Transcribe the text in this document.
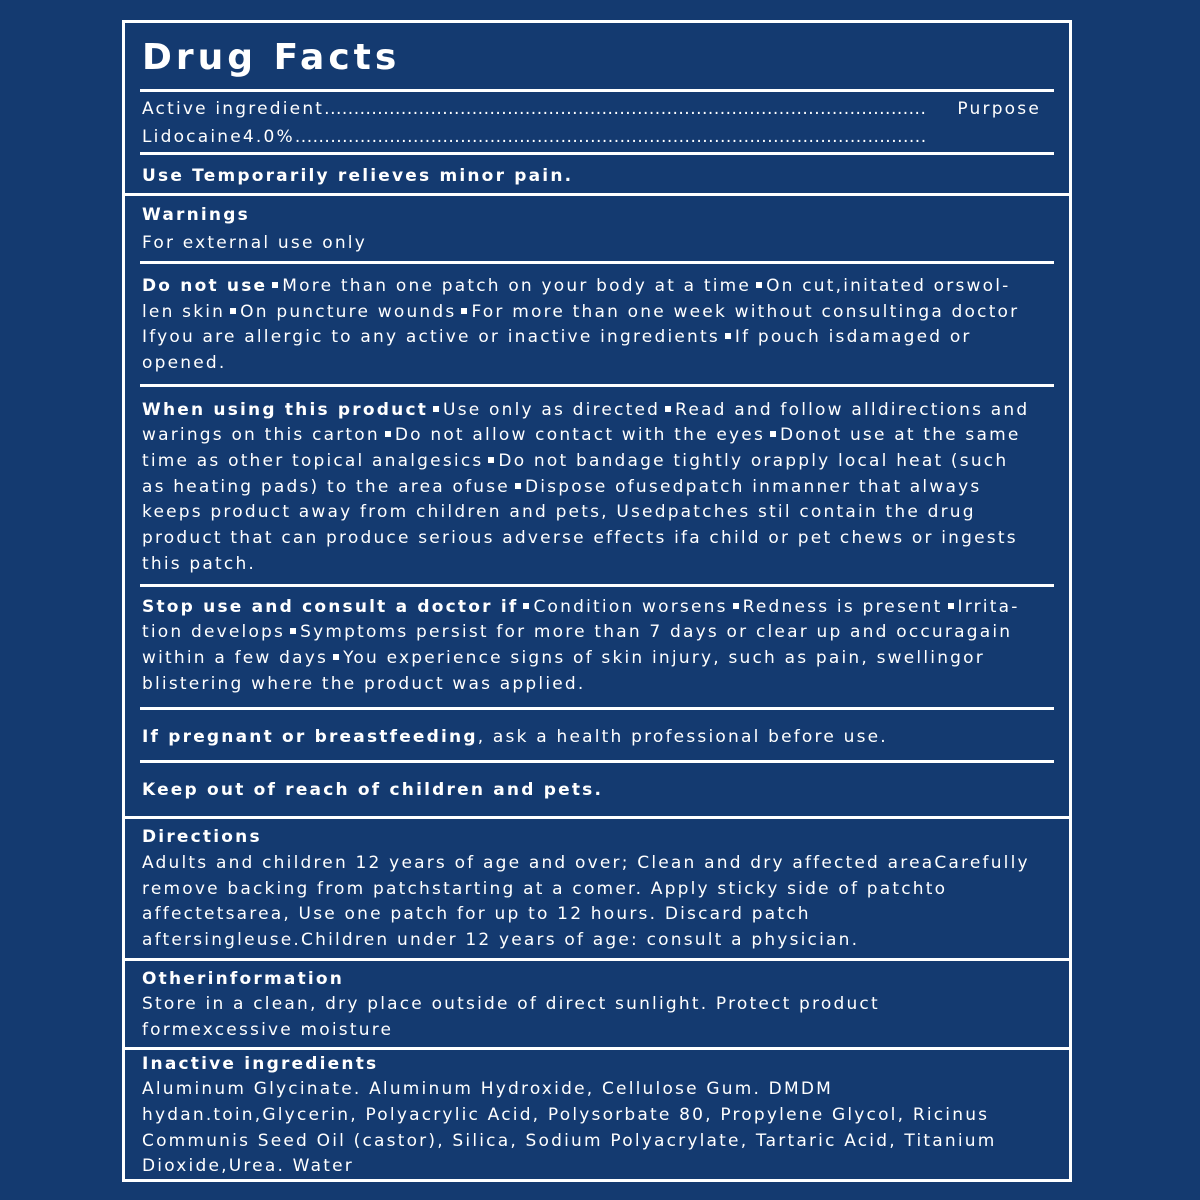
Drug Facts
Active ingredient...................................................................................................... Purpose
Lidocaine4.0%...........................................................................................................
Use Temporarily relieves minor pain.
Warnings
For external use only
Do not use More than one patch on your body at a time On cut,initated orswol-
len skin On puncture wounds For more than one week without consultinga doctor
Ifyou are allergic to any active or inactive ingredients If pouch isdamaged or
opened.
When using this product Use only as directed Read and follow alldirections and
warings on this carton Do not allow contact with the eyes Donot use at the same
time as other topical analgesics Do not bandage tightly orapply local heat (such
as heating pads) to the area ofuse Dispose ofusedpatch inmanner that always
keeps product away from children and pets, Usedpatches stil contain the drug
product that can produce serious adverse effects ifa child or pet chews or ingests
this patch.
Stop use and consult a doctor if Condition worsens Redness is present Irrita-
tion develops Symptoms persist for more than 7 days or clear up and occuragain
within a few days You experience signs of skin injury, such as pain, swellingor
blistering where the product was applied.
If pregnant or breastfeeding, ask a health professional before use.
Keep out of reach of children and pets.
Directions
Adults and children 12 years of age and over; Clean and dry affected areaCarefully
remove backing from patchstarting at a comer. Apply sticky side of patchto
affectetsarea, Use one patch for up to 12 hours. Discard patch
aftersingleuse.Children under 12 years of age: consult a physician.
Otherinformation
Store in a clean, dry place outside of direct sunlight. Protect product
formexcessive moisture
Inactive ingredients
Aluminum Glycinate. Aluminum Hydroxide, Cellulose Gum. DMDM
hydan.toin,Glycerin, Polyacrylic Acid, Polysorbate 80, Propylene Glycol, Ricinus
Communis Seed Oil (castor), Silica, Sodium Polyacrylate, Tartaric Acid, Titanium
Dioxide,Urea. Water
